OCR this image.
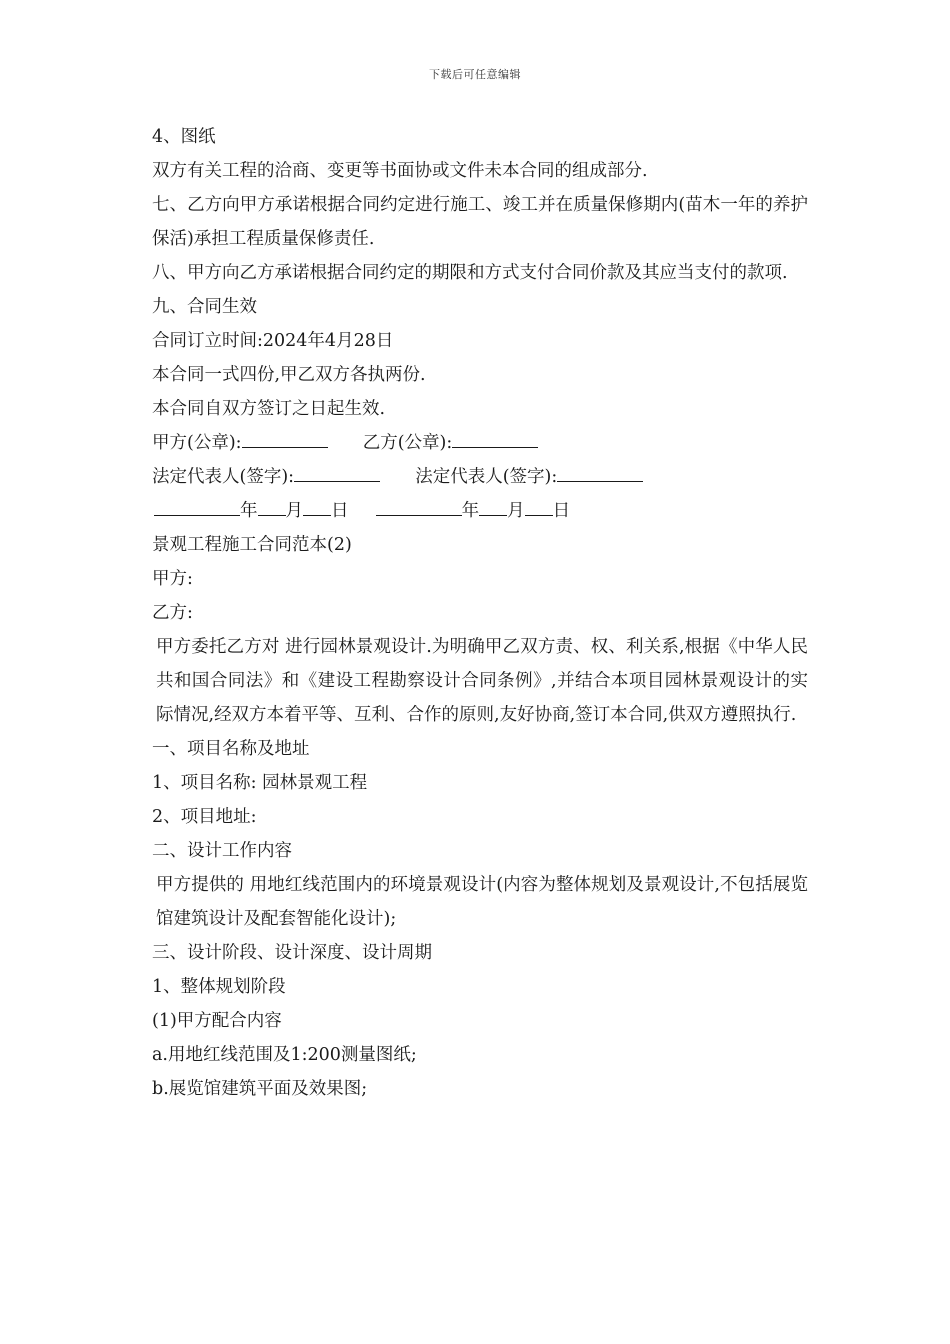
下载后可任意编辑

4、图纸

双方有关工程的洽商、变更等书面协或文件未本合同的组成部分.

七、乙方向甲方承诺根据合同约定进行施工、竣工并在质量保修期内(苗木一年的养护保活)承担工程质量保修责任.

八、甲方向乙方承诺根据合同约定的期限和方式支付合同价款及其应当支付的款项.

九、合同生效

合同订立时间:2024年4月28日

本合同一式四份,甲乙双方各执两份.

本合同自双方签订之日起生效.

甲方(公章):	乙方(公章):

法定代表人(签字):	法定代表人(签字):

年 月 日	年 月 日

景观工程施工合同范本(2)

甲方:

乙方:

甲方委托乙方对 进行园林景观设计.为明确甲乙双方责、权、利关系,根据《中华人民共和国合同法》和《建设工程勘察设计合同条例》,并结合本项目园林景观设计的实际情况,经双方本着平等、互利、合作的原则,友好协商,签订本合同,供双方遵照执行.

一、项目名称及地址

1、项目名称: 园林景观工程

2、项目地址:

二、设计工作内容

甲方提供的 用地红线范围内的环境景观设计(内容为整体规划及景观设计,不包括展览馆建筑设计及配套智能化设计);

三、设计阶段、设计深度、设计周期

1、整体规划阶段

(1)甲方配合内容

a.用地红线范围及1:200测量图纸;

b.展览馆建筑平面及效果图;
